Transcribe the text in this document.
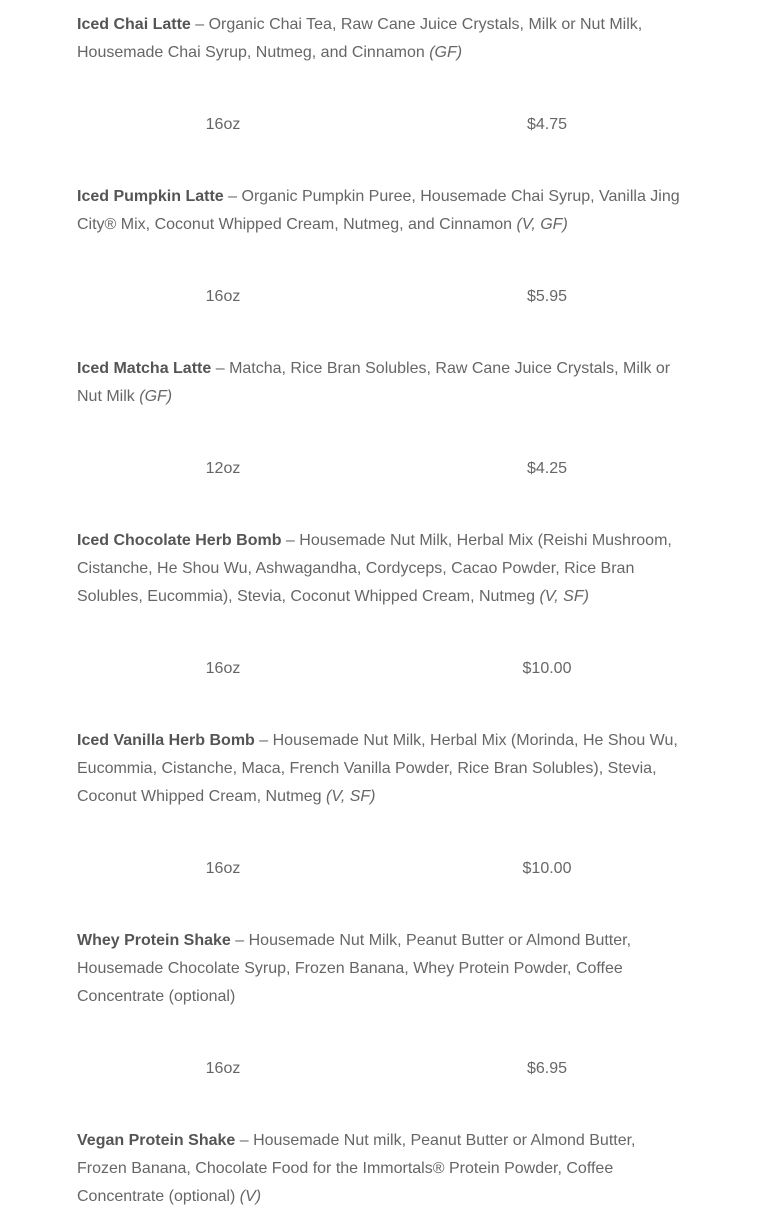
Iced Chai Latte – Organic Chai Tea, Raw Cane Juice Crystals, Milk or Nut Milk, Housemade Chai Syrup, Nutmeg, and Cinnamon (GF)

16oz	$4.75

Iced Pumpkin Latte – Organic Pumpkin Puree, Housemade Chai Syrup, Vanilla Jing City® Mix, Coconut Whipped Cream, Nutmeg, and Cinnamon (V, GF)

16oz	$5.95

Iced Matcha Latte – Matcha, Rice Bran Solubles, Raw Cane Juice Crystals, Milk or Nut Milk (GF)

12oz	$4.25

Iced Chocolate Herb Bomb – Housemade Nut Milk, Herbal Mix (Reishi Mushroom, Cistanche, He Shou Wu, Ashwagandha, Cordyceps, Cacao Powder, Rice Bran Solubles, Eucommia), Stevia, Coconut Whipped Cream, Nutmeg (V, SF)

16oz	$10.00

Iced Vanilla Herb Bomb – Housemade Nut Milk, Herbal Mix (Morinda, He Shou Wu, Eucommia, Cistanche, Maca, French Vanilla Powder, Rice Bran Solubles), Stevia, Coconut Whipped Cream, Nutmeg (V, SF)

16oz	$10.00

Whey Protein Shake – Housemade Nut Milk, Peanut Butter or Almond Butter, Housemade Chocolate Syrup, Frozen Banana, Whey Protein Powder, Coffee Concentrate (optional)

16oz	$6.95

Vegan Protein Shake – Housemade Nut milk, Peanut Butter or Almond Butter, Frozen Banana, Chocolate Food for the Immortals® Protein Powder, Coffee Concentrate (optional) (V)
